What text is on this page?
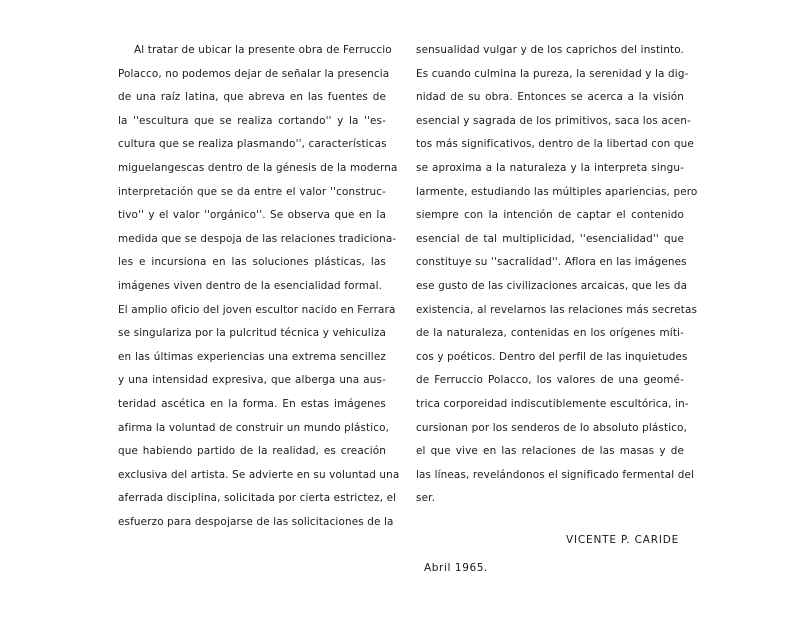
Al tratar de ubicar la presente obra de Ferruccio
Polacco, no podemos dejar de señalar la presencia
de una raíz latina, que abreva en las fuentes de
la ''escultura que se realiza cortando'' y la ''es-
cultura que se realiza plasmando'', características
miguelangescas dentro de la génesis de la moderna
interpretación que se da entre el valor ''construc-
tivo'' y el valor ''orgánico''. Se observa que en la
medida que se despoja de las relaciones tradiciona-
les e incursiona en las soluciones plásticas, las
imágenes viven dentro de la esencialidad formal.
El amplio oficio del joven escultor nacido en Ferrara
se singulariza por la pulcritud técnica y vehiculiza
en las últimas experiencias una extrema sencillez
y una intensidad expresiva, que alberga una aus-
teridad ascética en la forma. En estas imágenes
afirma la voluntad de construir un mundo plástico,
que habiendo partido de la realidad, es creación
exclusiva del artista. Se advierte en su voluntad una
aferrada disciplina, solicitada por cierta estrictez, el
esfuerzo para despojarse de las solicitaciones de la
sensualidad vulgar y de los caprichos del instinto.
Es cuando culmina la pureza, la serenidad y la dig-
nidad de su obra. Entonces se acerca a la visión
esencial y sagrada de los primitivos, saca los acen-
tos más significativos, dentro de la libertad con que
se aproxima a la naturaleza y la interpreta singu-
larmente, estudiando las múltiples apariencias, pero
siempre con la intención de captar el contenido
esencial de tal multiplicidad, ''esencialidad'' que
constituye su ''sacralidad''. Aflora en las imágenes
ese gusto de las civilizaciones arcaicas, que les da
existencia, al revelarnos las relaciones más secretas
de la naturaleza, contenidas en los orígenes míti-
cos y poéticos. Dentro del perfil de las inquietudes
de Ferruccio Polacco, los valores de una geomé-
trica corporeidad indiscutiblemente escultórica, in-
cursionan por los senderos de lo absoluto plástico,
el que vive en las relaciones de las masas y de
las líneas, revelándonos el significado fermental del
ser.
VICENTE P. CARIDE
Abril 1965.
